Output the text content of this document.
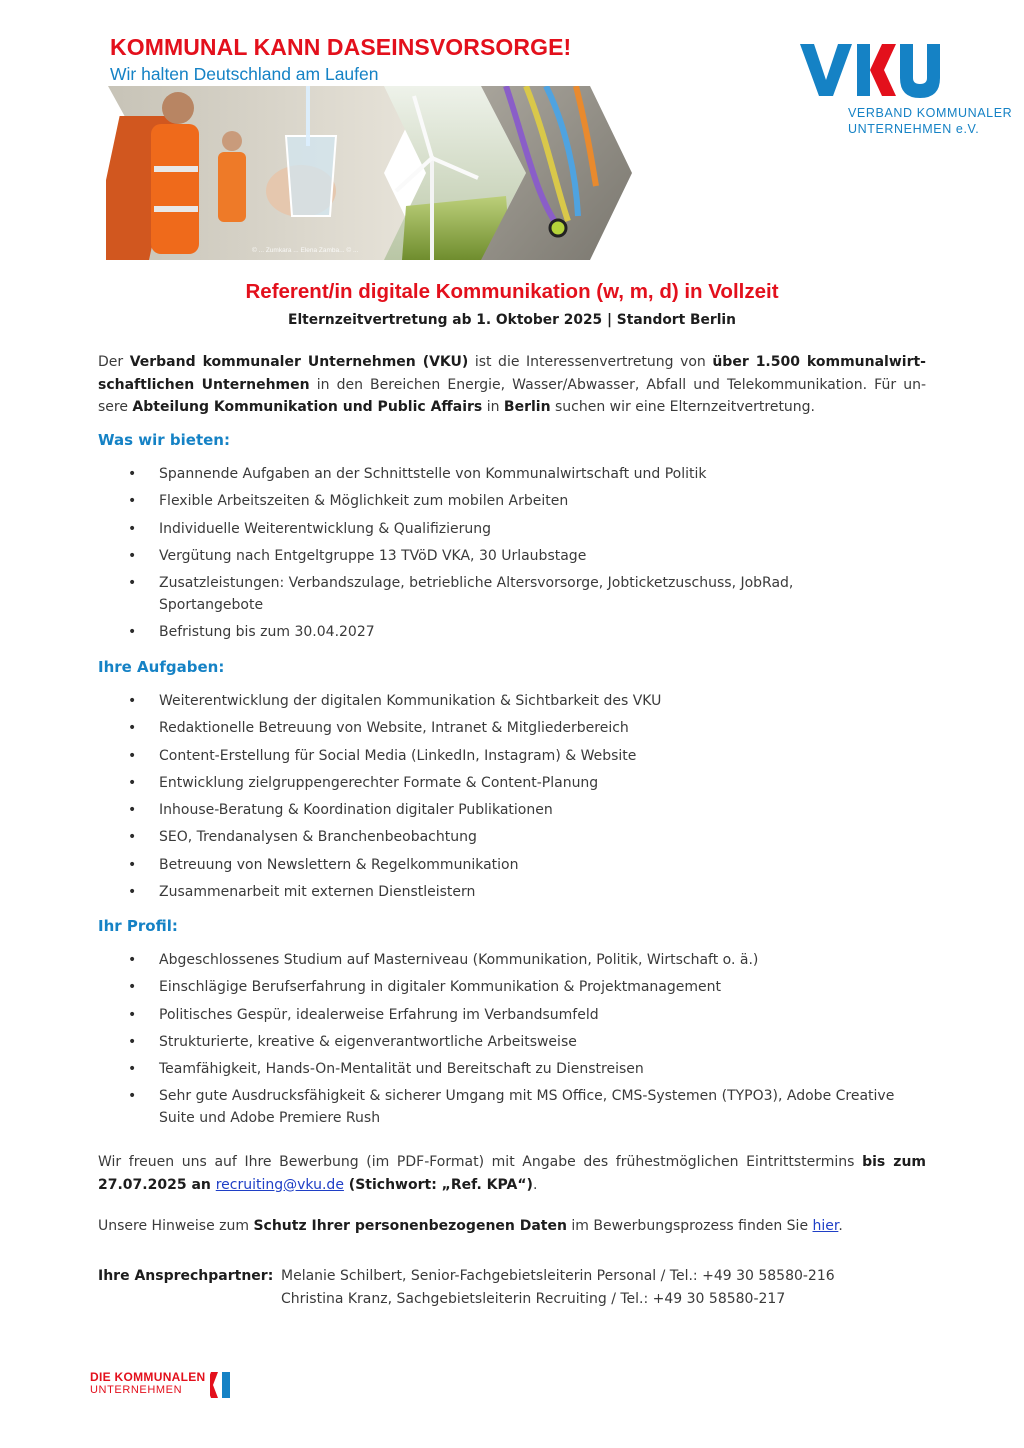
KOMMUNAL KANN DASEINSVORSORGE!

Wir halten Deutschland am Laufen

© ... Zumkara ... Elena Zamba... © ...
VERBAND KOMMUNALER
UNTERNEHMEN e.V.
Referent/in digitale Kommunikation (w, m, d) in Vollzeit

Elternzeitvertretung ab 1. Oktober 2025 | Standort Berlin

Der Verband kommunaler Unternehmen (VKU) ist die Interessenvertretung von über 1.500 kommunalwirt-schaftlichen Unternehmen in den Bereichen Energie, Wasser/Abwasser, Abfall und Telekommunikation. Für un-sere Abteilung Kommunikation und Public Affairs in Berlin suchen wir eine Elternzeitvertretung.

Was wir bieten:
• Spannende Aufgaben an der Schnittstelle von Kommunalwirtschaft und Politik
• Flexible Arbeitszeiten & Möglichkeit zum mobilen Arbeiten
• Individuelle Weiterentwicklung & Qualifizierung
• Vergütung nach Entgeltgruppe 13 TVöD VKA, 30 Urlaubstage
• Zusatzleistungen: Verbandszulage, betriebliche Altersvorsorge, Jobticketzuschuss, JobRad, Sportangebote
• Befristung bis zum 30.04.2027
Ihre Aufgaben:
• Weiterentwicklung der digitalen Kommunikation & Sichtbarkeit des VKU
• Redaktionelle Betreuung von Website, Intranet & Mitgliederbereich
• Content-Erstellung für Social Media (LinkedIn, Instagram) & Website
• Entwicklung zielgruppengerechter Formate & Content-Planung
• Inhouse-Beratung & Koordination digitaler Publikationen
• SEO, Trendanalysen & Branchenbeobachtung
• Betreuung von Newslettern & Regelkommunikation
• Zusammenarbeit mit externen Dienstleistern
Ihr Profil:
• Abgeschlossenes Studium auf Masterniveau (Kommunikation, Politik, Wirtschaft o. ä.)
• Einschlägige Berufserfahrung in digitaler Kommunikation & Projektmanagement
• Politisches Gespür, idealerweise Erfahrung im Verbandsumfeld
• Strukturierte, kreative & eigenverantwortliche Arbeitsweise
• Teamfähigkeit, Hands-On-Mentalität und Bereitschaft zu Dienstreisen
• Sehr gute Ausdrucksfähigkeit & sicherer Umgang mit MS Office, CMS-Systemen (TYPO3), Adobe Creative Suite und Adobe Premiere Rush

Wir freuen uns auf Ihre Bewerbung (im PDF-Format) mit Angabe des frühestmöglichen Eintrittstermins bis zum 27.07.2025 an recruiting@vku.de (Stichwort: „Ref. KPA“).

Unsere Hinweise zum Schutz Ihrer personenbezogenen Daten im Bewerbungsprozess finden Sie hier.

Ihre Ansprechpartner: Melanie Schilbert, Senior-Fachgebietsleiterin Personal / Tel.: +49 30 58580-216
Christina Kranz, Sachgebietsleiterin Recruiting / Tel.: +49 30 58580-217
DIE KOMMUNALEN
UNTERNEHMEN
